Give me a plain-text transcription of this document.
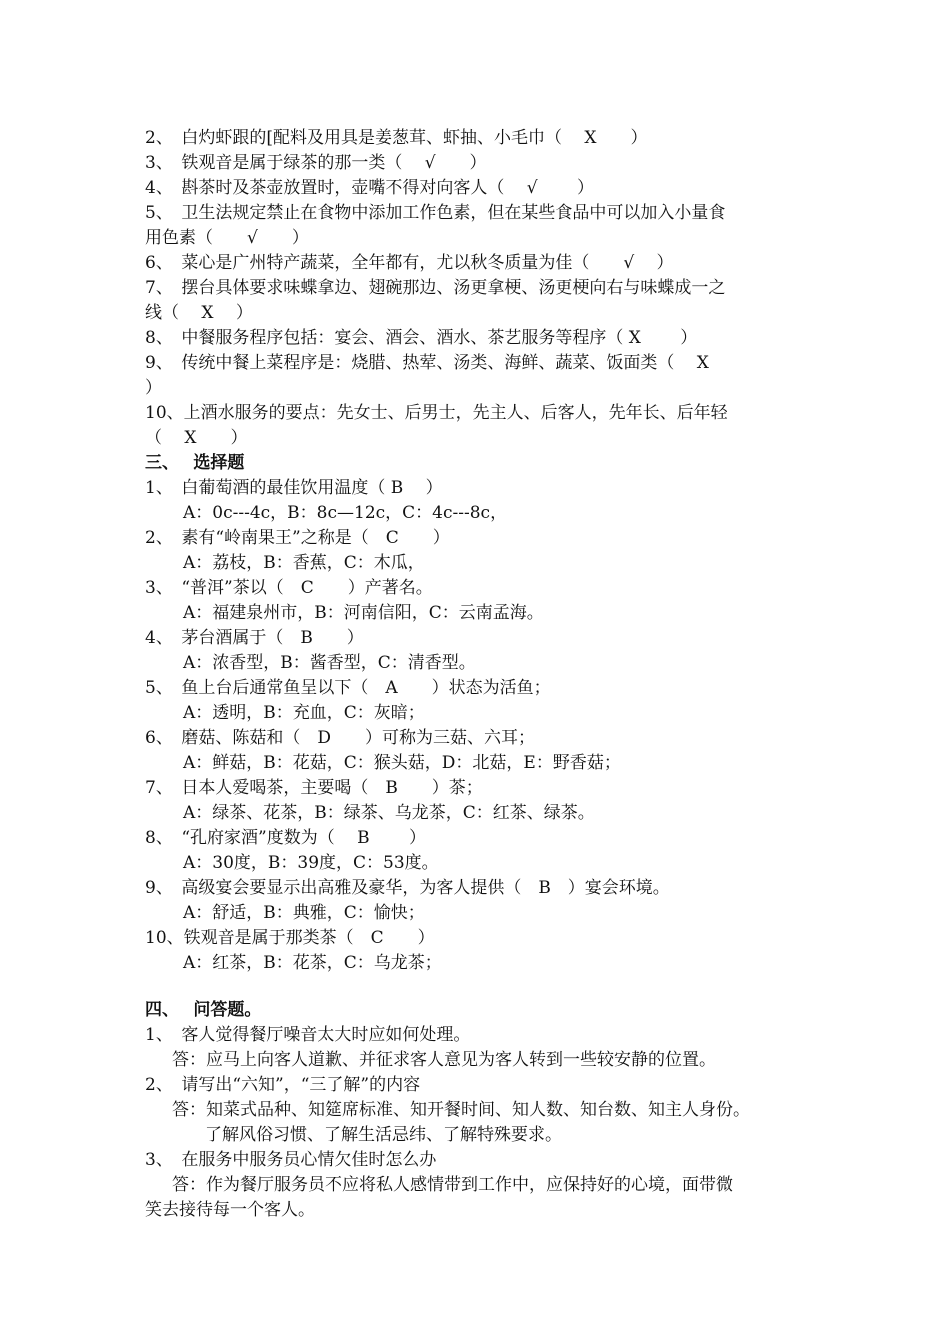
2、　白灼虾跟的[配料及用具是姜葱茸、虾抽、小毛巾（　 X　　）
3、　铁观音是属于绿茶的那一类（　 √　　）
4、　斟茶时及茶壶放置时，壶嘴不得对向客人（　 √　　 ）
5、　卫生法规定禁止在食物中添加工作色素，但在某些食品中可以加入小量食
用色素（　　√　　）
6、　菜心是广州特产蔬菜，全年都有，尤以秋冬质量为佳（　　√　 ）
7、　摆台具体要求味蝶拿边、翅碗那边、汤更拿梗、汤更梗向右与味蝶成一之
线（　 X　 ）
8、　中餐服务程序包括：宴会、酒会、酒水、茶艺服务等程序（ X　　 ）
9、　传统中餐上菜程序是：烧腊、热荤、汤类、海鲜、蔬菜、饭面类（　 X
）
10、上酒水服务的要点：先女士、后男士，先主人、后客人，先年长、后年轻
（　 X　　）
三、　 选择题
1、　白葡萄酒的最佳饮用温度（ B　 ）
A：0c---4c，B：8c—12c，C：4c---8c，
2、　素有“岭南果王”之称是（　C　　）
A：荔枝，B：香蕉，C：木瓜，
3、　“普洱”茶以（　C　　）产著名。
A：福建泉州市，B：河南信阳，C：云南孟海。
4、　茅台酒属于（　B　　）
A：浓香型，B：酱香型，C：清香型。
5、　鱼上台后通常鱼呈以下（　A　　）状态为活鱼；
A：透明，B：充血，C：灰暗；
6、　磨菇、陈菇和（　D　　）可称为三菇、六耳；
A：鲜菇，B：花菇，C：猴头菇，D：北菇，E：野香菇；
7、　日本人爱喝茶，主要喝（　B　　）茶；
A：绿茶、花茶，B：绿茶、乌龙茶，C：红茶、绿茶。
8、　“孔府家酒”度数为（　 B　　 ）
A：30度，B：39度，C：53度。
9、　高级宴会要显示出高雅及豪华，为客人提供（　B　）宴会环境。
A：舒适，B：典雅，C：愉快；
10、铁观音是属于那类茶（　C　　）
A：红茶，B：花茶，C：乌龙茶；
四、　 问答题。
1、　客人觉得餐厅噪音太大时应如何处理。
答：应马上向客人道歉、并征求客人意见为客人转到一些较安静的位置。
2、　请写出“六知”，“三了解”的内容
答：知菜式品种、知筵席标准、知开餐时间、知人数、知台数、知主人身份。
了解风俗习惯、了解生活忌纬、了解特殊要求。
3、　在服务中服务员心情欠佳时怎么办
答：作为餐厅服务员不应将私人感情带到工作中，应保持好的心境，面带微
笑去接待每一个客人。
